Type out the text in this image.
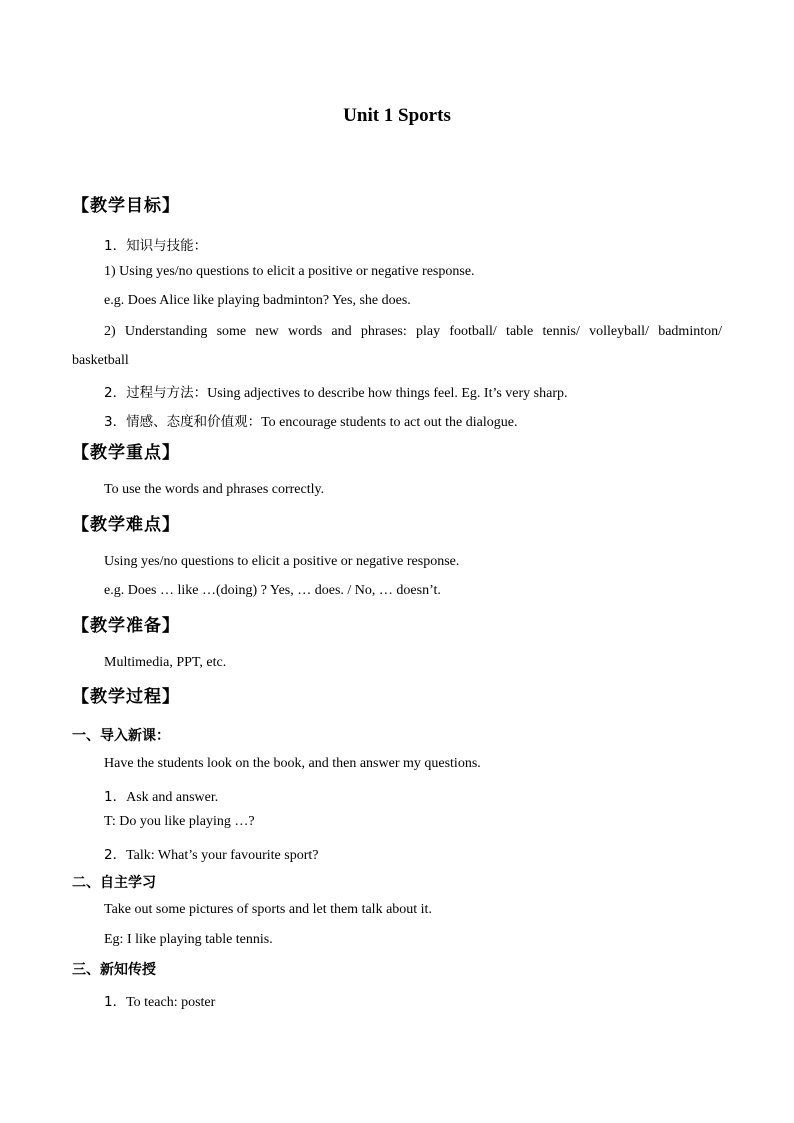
Unit 1 Sports
【教学目标】
1．知识与技能：
1) Using yes/no questions to elicit a positive or negative response.
e.g. Does Alice like playing badminton? Yes, she does.
2) Understanding some new words and phrases: play football/ table tennis/ volleyball/ badminton/ basketball
2．过程与方法：Using adjectives to describe how things feel. Eg. It’s very sharp.
3．情感、态度和价值观：To encourage students to act out the dialogue.
【教学重点】
To use the words and phrases correctly.
【教学难点】
Using yes/no questions to elicit a positive or negative response.
e.g. Does … like …(doing) ? Yes, … does. / No, … doesn’t.
【教学准备】
Multimedia, PPT, etc.
【教学过程】
一、导入新课：
Have the students look on the book, and then answer my questions.
1．Ask and answer.
T: Do you like playing …?
2．Talk: What’s your favourite sport?
二、自主学习
Take out some pictures of sports and let them talk about it.
Eg: I like playing table tennis.
三、新知传授
1．To teach: poster
